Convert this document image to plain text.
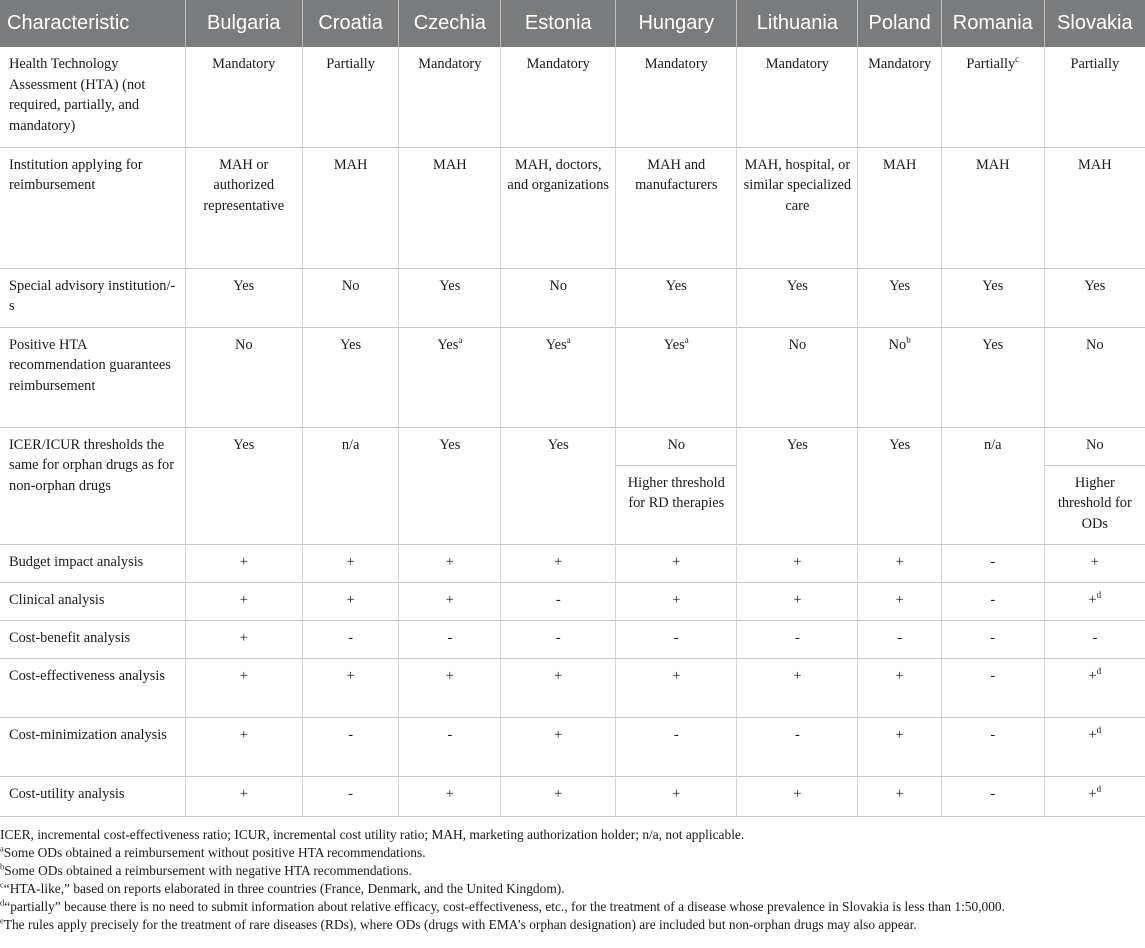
Characteristic	Bulgaria	Croatia	Czechia	Estonia	Hungary	Lithuania	Poland	Romania	Slovakia
Health Technology Assessment (HTA) (not required, partially, and mandatory)	Mandatory	Partially	Mandatory	Mandatory	Mandatory	Mandatory	Mandatory	Partially$^c$	Partially
Institution applying for reimbursement	MAH or authorized representative	MAH	MAH	MAH, doctors, and organizations	MAH and manufacturers	MAH, hospital, or similar specialized care	MAH	MAH	MAH
Special advisory institution/-s	Yes	No	Yes	No	Yes	Yes	Yes	Yes	Yes
Positive HTA recommendation guarantees reimbursement	No	Yes	Yes$^a$	Yes$^a$	Yes$^a$	No	No$^b$	Yes	No
ICER/ICUR thresholds the same for orphan drugs as for non-orphan drugs	Yes	n/a	Yes	Yes	No	Yes	Yes	n/a	No
					Higher threshold for RD therapies				Higher threshold for ODs
Budget impact analysis	+	+	+	+	+	+	+	-	+
Clinical analysis	+	+	+	-	+	+	+	-	+$^d$
Cost-benefit analysis	+	-	-	-	-	-	-	-	-
Cost-effectiveness analysis	+	+	+	+	+	+	+	-	+$^d$
Cost-minimization analysis	+	-	-	+	-	-	+	-	+$^d$
Cost-utility analysis	+	-	+	+	+	+	+	-	+$^d$
ICER, incremental cost-effectiveness ratio; ICUR, incremental cost utility ratio; MAH, marketing authorization holder; n/a, not applicable.
$^a$Some ODs obtained a reimbursement without positive HTA recommendations.
$^b$Some ODs obtained a reimbursement with negative HTA recommendations.
$^c$“HTA-like,” based on reports elaborated in three countries (France, Denmark, and the United Kingdom).
$^d$“partially” because there is no need to submit information about relative efficacy, cost-effectiveness, etc., for the treatment of a disease whose prevalence in Slovakia is less than 1:50,000.
$^e$The rules apply precisely for the treatment of rare diseases (RDs), where ODs (drugs with EMA’s orphan designation) are included but non-orphan drugs may also appear.
